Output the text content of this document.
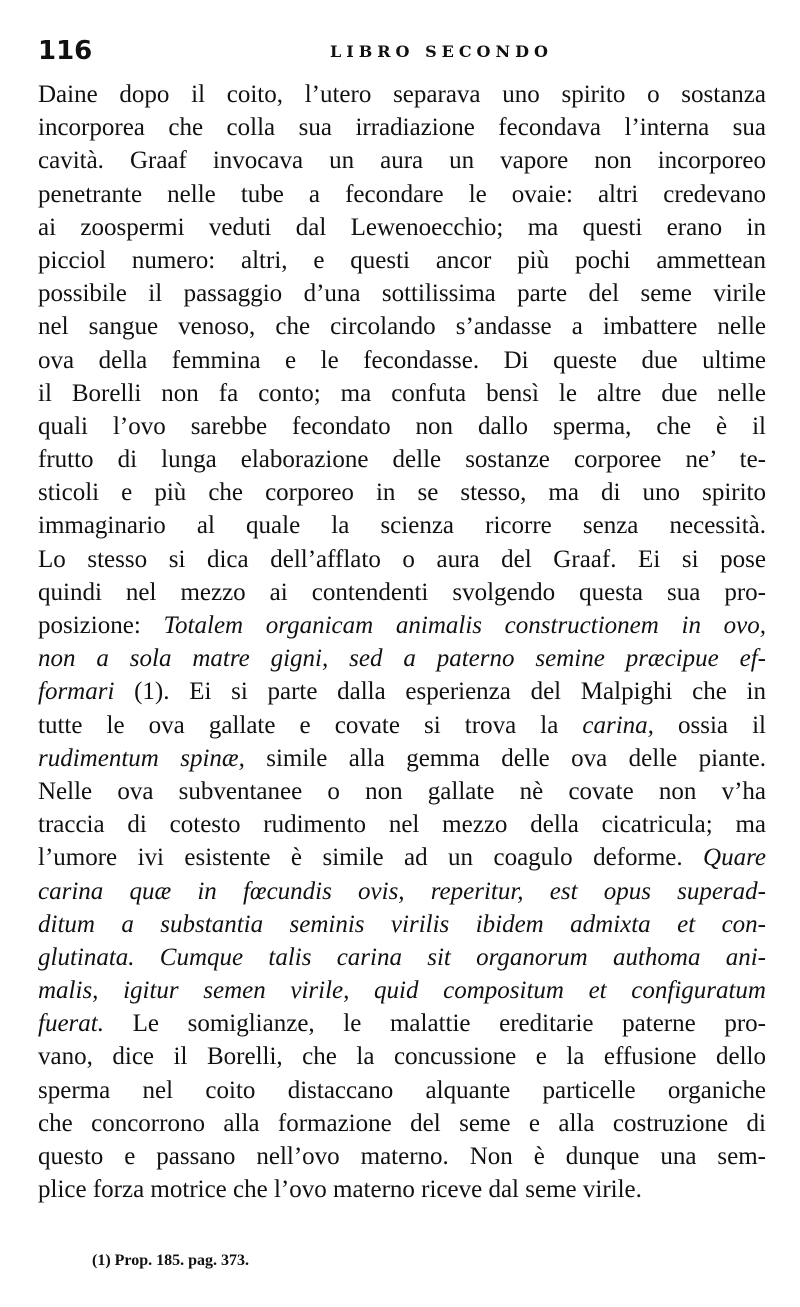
116	LIBRO SECONDO
Daine dopo il coito, l’utero separava uno spirito o sostanza
incorporea che colla sua irradiazione fecondava l’interna sua
cavità. Graaf invocava un aura un vapore non incorporeo
penetrante nelle tube a fecondare le ovaie: altri credevano
ai zoospermi veduti dal Lewenoecchio; ma questi erano in
picciol numero: altri, e questi ancor più pochi ammettean
possibile il passaggio d’una sottilissima parte del seme virile
nel sangue venoso, che circolando s’andasse a imbattere nelle
ova della femmina e le fecondasse. Di queste due ultime
il Borelli non fa conto; ma confuta bensì le altre due nelle
quali l’ovo sarebbe fecondato non dallo sperma, che è il
frutto di lunga elaborazione delle sostanze corporee ne’ te-
sticoli e più che corporeo in se stesso, ma di uno spirito
immaginario al quale la scienza ricorre senza necessità.
Lo stesso si dica dell’afflato o aura del Graaf. Ei si pose
quindi nel mezzo ai contendenti svolgendo questa sua pro-
posizione: Totalem organicam animalis constructionem in ovo,
non a sola matre gigni, sed a paterno semine præcipue ef-
formari (1). Ei si parte dalla esperienza del Malpighi che in
tutte le ova gallate e covate si trova la carina, ossia il
rudimentum spinæ, simile alla gemma delle ova delle piante.
Nelle ova subventanee o non gallate nè covate non v’ha
traccia di cotesto rudimento nel mezzo della cicatricula; ma
l’umore ivi esistente è simile ad un coagulo deforme. Quare
carina quæ in fœcundis ovis, reperitur, est opus superad-
ditum a substantia seminis virilis ibidem admixta et con-
glutinata. Cumque talis carina sit organorum authoma ani-
malis, igitur semen virile, quid compositum et configuratum
fuerat. Le somiglianze, le malattie ereditarie paterne pro-
vano, dice il Borelli, che la concussione e la effusione dello
sperma nel coito distaccano alquante particelle organiche
che concorrono alla formazione del seme e alla costruzione di
questo e passano nell’ovo materno. Non è dunque una sem-
plice forza motrice che l’ovo materno riceve dal seme virile.
(1) Prop. 185. pag. 373.
